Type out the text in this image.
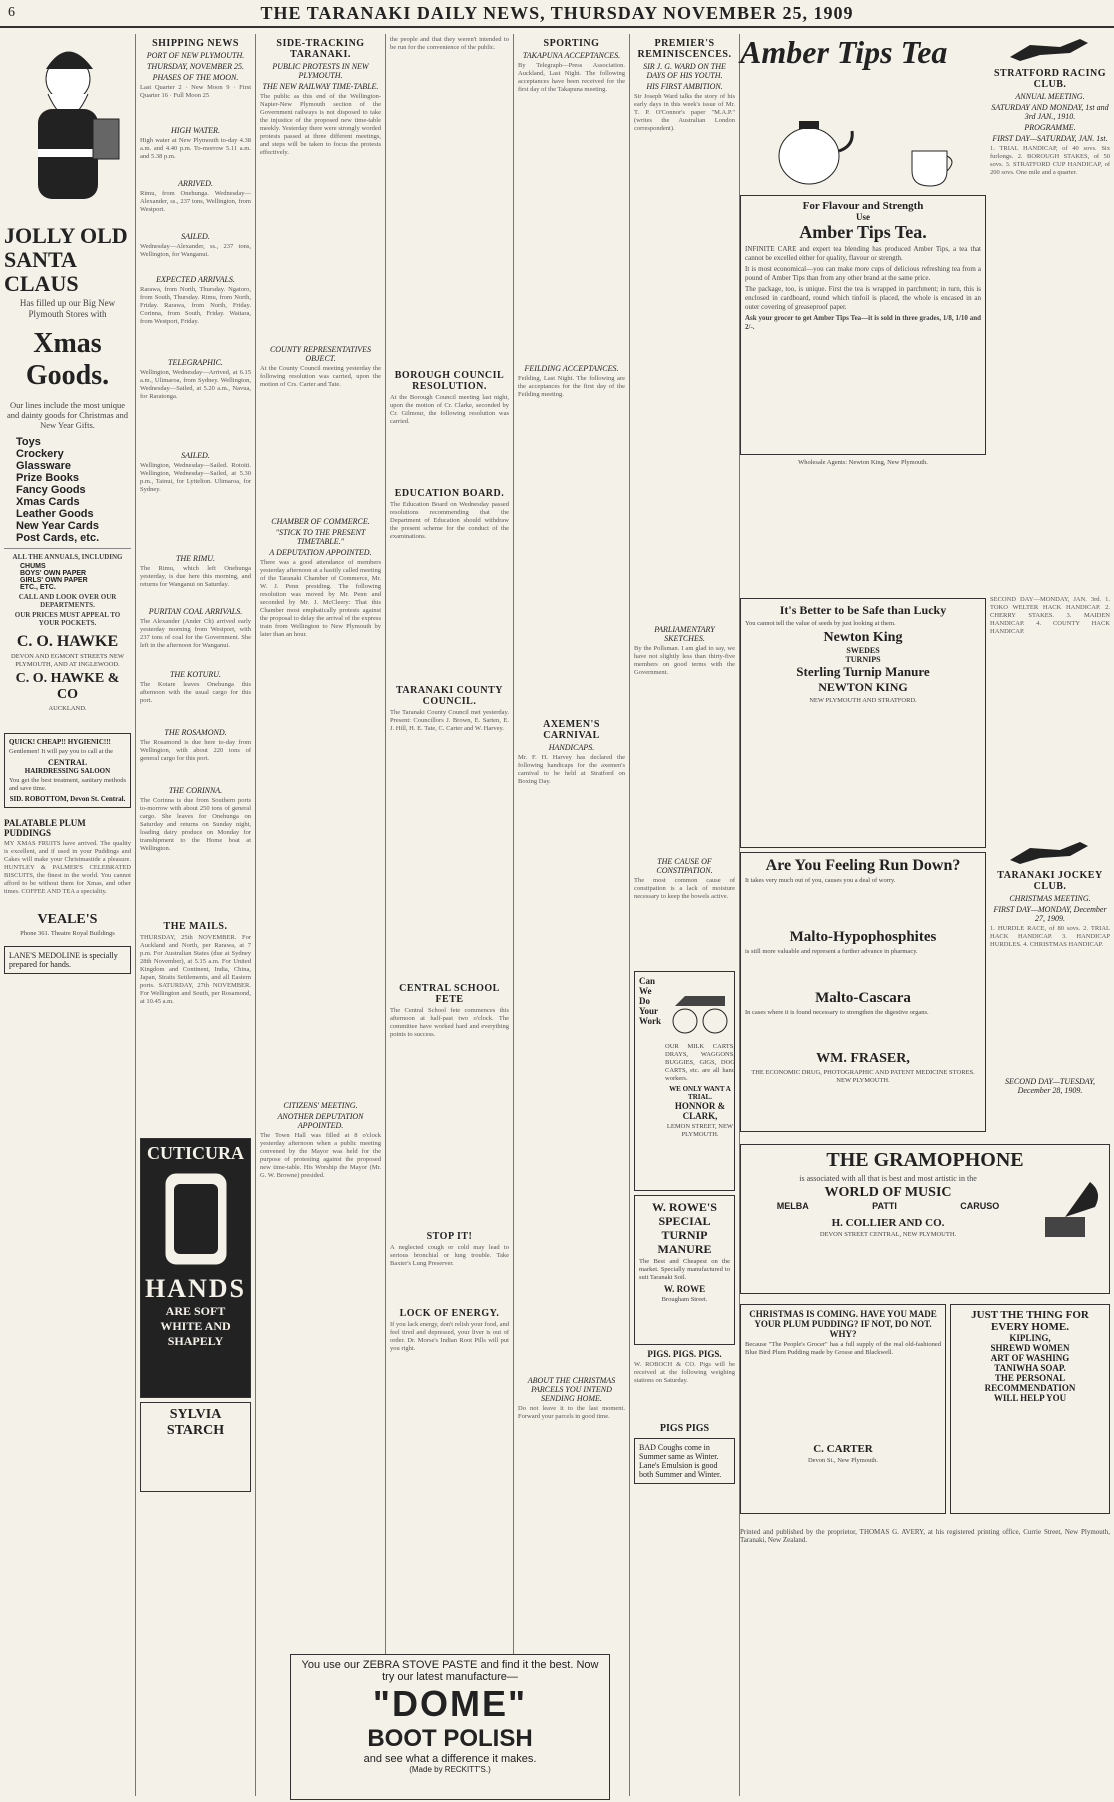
6	THE TARANAKI DAILY NEWS, THURSDAY NOVEMBER 25, 1909
JOLLY OLD SANTA CLAUS
Has filled up our Big New Plymouth Stores with
Xmas Goods.
Our lines include the most unique and dainty goods for Christmas and New Year Gifts.
Toys
Crockery
Glassware
Prize Books
Fancy Goods
Xmas Cards
Leather Goods
New Year Cards
Post Cards, etc.
ALL THE ANNUALS, INCLUDING
CHUMS
BOYS' OWN PAPER
GIRLS' OWN PAPER
ETC., ETC.
CALL AND LOOK OVER OUR DEPARTMENTS.
OUR PRICES MUST APPEAL TO YOUR POCKETS.
C. O. HAWKE
DEVON AND EGMONT STREETS NEW PLYMOUTH, AND AT INGLEWOOD.
C. O. HAWKE & CO
AUCKLAND.
QUICK! CHEAP!! HYGIENIC!!!
Gentlemen! It will pay you to call at the
CENTRAL
HAIRDRESSING SALOON
You get the best treatment, sanitary methods and save time.
SID. ROBOTTOM, Devon St. Central.
PALATABLE PLUM PUDDINGS
MY XMAS FRUITS have arrived. The quality is excellent, and if used in your Puddings and Cakes will make your Christmastide a pleasure. HUNTLEY & PALMER'S CELEBRATED BISCUITS, the finest in the world. You cannot afford to be without them for Xmas, and other times. COFFEE AND TEA a speciality.
VEALE'S
Phone 361. Theatre Royal Buildings
LANE'S MEDOLINE is specially prepared for hands.
SHIPPING NEWS
PORT OF NEW PLYMOUTH.
THURSDAY, NOVEMBER 25.
PHASES OF THE MOON.
Last Quarter 2 · New Moon 9 · First Quarter 16 · Full Moon 25
HIGH WATER.
High water at New Plymouth to-day 4.38 a.m. and 4.40 p.m. To-morrow 5.11 a.m. and 5.38 p.m.
ARRIVED.
Rimu, from Onehunga. Wednesday—Alexander, ss., 237 tons, Wellington, from Westport.
SAILED.
Wednesday—Alexander, ss., 237 tons, Wellington, for Wanganui.
EXPECTED ARRIVALS.
Rarawa, from North, Thursday. Ngatoro, from South, Thursday. Rimu, from North, Friday. Rarawa, from North, Friday. Corinna, from South, Friday. Waitara, from Westport, Friday.
TELEGRAPHIC.
Wellington, Wednesday—Arrived, at 6.15 a.m., Ulimaroa, from Sydney. Wellington, Wednesday—Sailed, at 5.20 a.m., Navua, for Raratonga.
SAILED.
Wellington, Wednesday—Sailed. Rotoiti. Wellington, Wednesday—Sailed, at 5.30 p.m., Tainui, for Lyttelton. Ulimaroa, for Sydney.
THE RIMU.
The Rimu, which left Onehunga yesterday, is due here this morning, and returns for Wanganui on Saturday.
PURITAN COAL ARRIVALS.
The Alexander (Ander Ch) arrived early yesterday morning from Westport, with 237 tons of coal for the Government. She left in the afternoon for Wanganui.
THE KOTURU.
The Kotare leaves Onehunga this afternoon with the usual cargo for this port.
THE ROSAMOND.
The Rosamond is due here to-day from Wellington, with about 220 tons of general cargo for this port.
THE CORINNA.
The Corinna is due from Southern ports to-morrow with about 250 tons of general cargo. She leaves for Onehunga on Saturday and returns on Sunday night, loading dairy produce on Monday for transhipment to the Home boat at Wellington.
THE MAILS.
THURSDAY, 25th NOVEMBER. For Auckland and North, per Rarawa, at 7 p.m. For Australian States (due at Sydney 28th November), at 5.15 a.m. For United Kingdom and Continent, India, China, Japan, Straits Settlements, and all Eastern ports. SATURDAY, 27th NOVEMBER. For Wellington and South, per Rosamond, at 10.45 a.m.
CUTICURA
HANDS
ARE SOFT WHITE AND SHAPELY
SYLVIA STARCH
SIDE-TRACKING TARANAKI.
PUBLIC PROTESTS IN NEW PLYMOUTH.
THE NEW RAILWAY TIME-TABLE.
The public as this end of the Wellington-Napier-New Plymouth section of the Government railways is not disposed to take the injustice of the proposed new time-table meekly. Yesterday there were strongly worded protests passed at three different meetings, and steps will be taken to focus the protests effectively.
COUNTY REPRESENTATIVES OBJECT.
At the County Council meeting yesterday the following resolution was carried, upon the motion of Crs. Carter and Tate.
CHAMBER OF COMMERCE.
"STICK TO THE PRESENT TIMETABLE."
A DEPUTATION APPOINTED.
There was a good attendance of members yesterday afternoon at a hastily called meeting of the Taranaki Chamber of Commerce, Mr. W. J. Penn presiding. The following resolution was moved by Mr. Penn and seconded by Mr. J. McCleery: That this Chamber most emphatically protests against the proposal to delay the arrival of the express train from Wellington to New Plymouth by later than an hour.
CITIZENS' MEETING.
ANOTHER DEPUTATION APPOINTED.
The Town Hall was filled at 8 o'clock yesterday afternoon when a public meeting convened by the Mayor was held for the purpose of protesting against the proposed new time-table. His Worship the Mayor (Mr. G. W. Browne) presided.
the people and that they weren't intended to be run for the convenience of the public.
BOROUGH COUNCIL RESOLUTION.
At the Borough Council meeting last night, upon the motion of Cr. Clarke, seconded by Cr. Gilmour, the following resolution was carried.
EDUCATION BOARD.
The Education Board on Wednesday passed resolutions recommending that the Department of Education should withdraw the present scheme for the conduct of the examinations.
TARANAKI COUNTY COUNCIL.
The Taranaki County Council met yesterday. Present: Councillors J. Brown, E. Sarten, E. J. Hill, H. E. Tate, C. Carter and W. Harvey.
CENTRAL SCHOOL FETE
The Central School fete commences this afternoon at half-past two o'clock. The committee have worked hard and everything points to success.
STOP IT!
A neglected cough or cold may lead to serious bronchial or lung trouble. Take Baxter's Lung Preserver.
LOCK OF ENERGY.
If you lack energy, don't relish your food, and feel tired and depressed, your liver is out of order. Dr. Morse's Indian Root Pills will put you right.
SPORTING
TAKAPUNA ACCEPTANCES.
By Telegraph—Press Association. Auckland, Last Night. The following acceptances have been received for the first day of the Takapuna meeting.
FEILDING ACCEPTANCES.
Feilding, Last Night. The following are the acceptances for the first day of the Feilding meeting.
AXEMEN'S CARNIVAL
HANDICAPS.
Mr. F. H. Harvey has declared the following handicaps for the axemen's carnival to be held at Stratford on Boxing Day.
ABOUT THE CHRISTMAS PARCELS YOU INTEND SENDING HOME.
Do not leave it to the last moment. Forward your parcels in good time.
PREMIER'S REMINISCENCES.
SIR J. G. WARD ON THE DAYS OF HIS YOUTH.
HIS FIRST AMBITION.
Sir Joseph Ward talks the story of his early days in this week's issue of Mr. T. P. O'Connor's paper "M.A.P." (writes the Australian London correspondent).
PARLIAMENTARY SKETCHES.
By the Pollsman. I am glad to say, we have not slightly less than thirty-five members on good terms with the Government.
THE CAUSE OF CONSTIPATION.
The most common cause of constipation is a lack of moisture necessary to keep the bowels active.
Can We Do Your Work
OUR MILK CARTS, DRAYS, WAGGONS, BUGGIES, GIGS, DOG CARTS, etc. are all hand workers.
WE ONLY WANT A TRIAL.
HONNOR & CLARK,
LEMON STREET, NEW PLYMOUTH.
W. ROWE'S SPECIAL TURNIP MANURE
The Best and Cheapest on the market. Specially manufactured to suit Taranaki Soil.
W. ROWE
Brougham Street.
PIGS. PIGS. PIGS.
W. ROBOCH & CO. Pigs will be received at the following weighing stations on Saturday.
PIGS PIGS
BAD Coughs come in Summer same as Winter. Lane's Emulsion is good both Summer and Winter.
Amber Tips Tea
For Flavour and Strength
Use
Amber Tips Tea.
INFINITE CARE and expert tea blending has produced Amber Tips, a tea that cannot be excelled either for quality, flavour or strength.
It is most economical—you can make more cups of delicious refreshing tea from a pound of Amber Tips than from any other brand at the same price.
The package, too, is unique. First the tea is wrapped in parchment; in turn, this is enclosed in cardboard, round which tinfoil is placed, the whole is encased in an outer covering of greaseproof paper.
Ask your grocer to get Amber Tips Tea—it is sold in three grades, 1/8, 1/10 and 2/-.
Wholesale Agents: Newton King, New Plymouth.
STRATFORD RACING CLUB.
ANNUAL MEETING.
SATURDAY AND MONDAY, 1st and 3rd JAN., 1910.
PROGRAMME.
FIRST DAY—SATURDAY, JAN. 1st.
1. TRIAL HANDICAP, of 40 sovs. Six furlongs. 2. BOROUGH STAKES, of 50 sovs. 3. STRATFORD CUP HANDICAP, of 200 sovs. One mile and a quarter.
It's Better to be Safe than Lucky
You cannot tell the value of seeds by just looking at them.
Newton King
SWEDES
TURNIPS
Sterling Turnip Manure
NEWTON KING
NEW PLYMOUTH AND STRATFORD.
Are You Feeling Run Down?
It takes very much out of you, causes you a deal of worry.
Malto-Hypophosphites
is still more valuable and represent a further advance in pharmacy.
Malto-Cascara
In cases where it is found necessary to strengthen the digestive organs.
WM. FRASER,
THE ECONOMIC DRUG, PHOTOGRAPHIC AND PATENT MEDICINE STORES. NEW PLYMOUTH.
SECOND DAY—MONDAY, JAN. 3rd. 1. TOKO WELTER HACK HANDICAP. 2. CHERRY STAKES. 3. MAIDEN HANDICAP. 4. COUNTY HACK HANDICAP.
TARANAKI JOCKEY CLUB.
CHRISTMAS MEETING.
FIRST DAY—MONDAY, December 27, 1909.
1. HURDLE RACE, of 80 sovs. 2. TRIAL HACK HANDICAP. 3. HANDICAP HURDLES. 4. CHRISTMAS HANDICAP.
SECOND DAY—TUESDAY, December 28, 1909.
THE GRAMOPHONE
is associated with all that is best and most artistic in the
WORLD OF MUSIC
MELBA	PATTI	CARUSO
H. COLLIER AND CO.
DEVON STREET CENTRAL, NEW PLYMOUTH.
CHRISTMAS IS COMING. HAVE YOU MADE YOUR PLUM PUDDING? IF NOT, DO NOT. WHY?
Because "The People's Grocer" has a full supply of the real old-fashioned Blue Bird Plum Pudding made by Grosse and Blackwell.
C. CARTER
Devon St., New Plymouth.
JUST THE THING FOR EVERY HOME.
KIPLING,
SHREWD WOMEN
ART OF WASHING
TANIWHA SOAP.
THE PERSONAL RECOMMENDATION
WILL HELP YOU
Printed and published by the proprietor, THOMAS G. AVERY, at his registered printing office, Currie Street, New Plymouth, Taranaki, New Zealand.
You use our ZEBRA STOVE PASTE and find it the best. Now try our latest manufacture—
"DOME"
BOOT POLISH
and see what a difference it makes.
(Made by RECKITT'S.)
